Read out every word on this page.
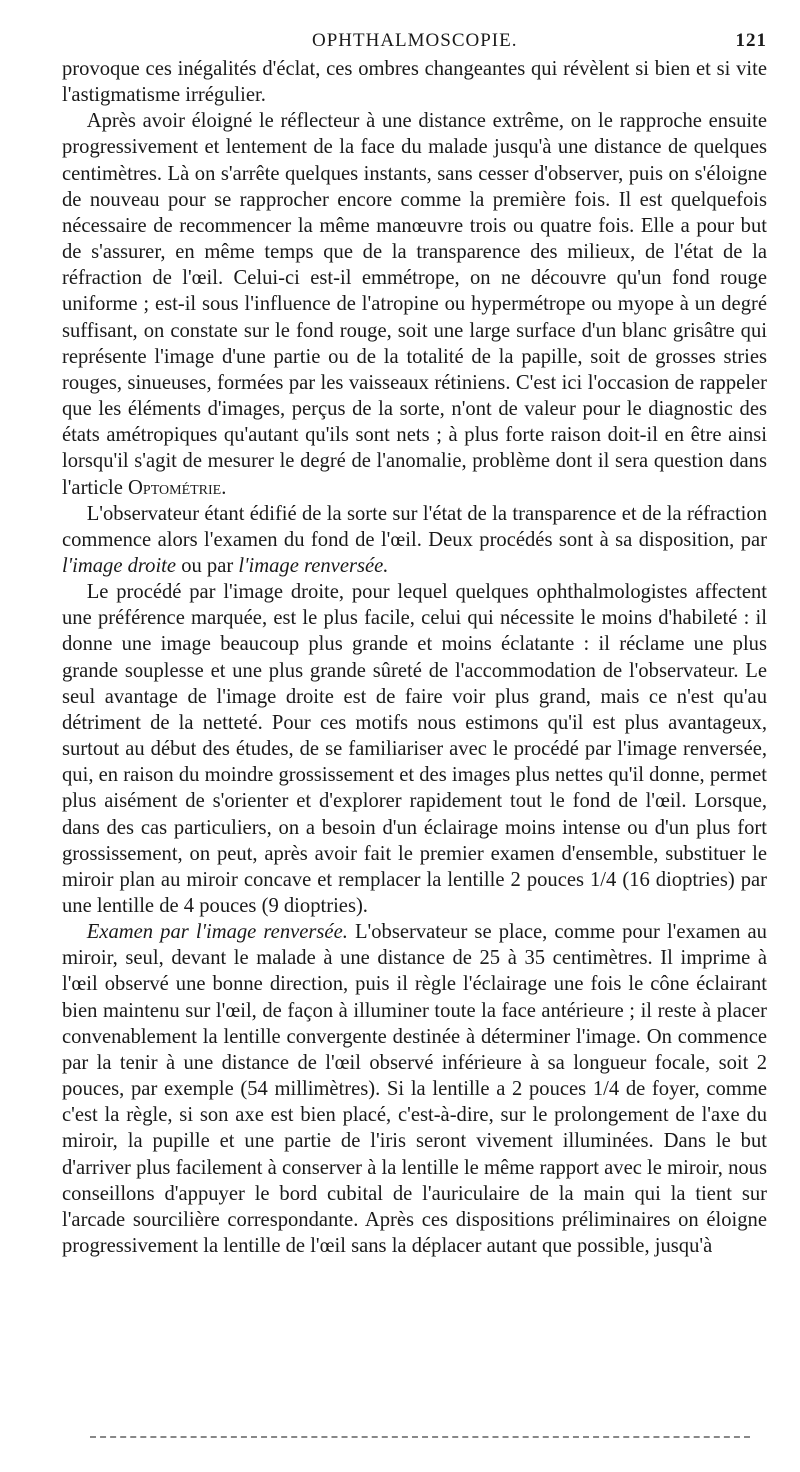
OPHTHALMOSCOPIE.	121

provoque ces inégalités d'éclat, ces ombres changeantes qui révèlent si bien et si vite l'astigmatisme irrégulier.

Après avoir éloigné le réflecteur à une distance extrême, on le rapproche ensuite progressivement et lentement de la face du malade jusqu'à une distance de quelques centimètres. Là on s'arrête quelques instants, sans cesser d'observer, puis on s'éloigne de nouveau pour se rapprocher encore comme la première fois. Il est quelquefois nécessaire de recommencer la même manœuvre trois ou quatre fois. Elle a pour but de s'assurer, en même temps que de la transparence des milieux, de l'état de la réfraction de l'œil. Celui-ci est-il emmétrope, on ne découvre qu'un fond rouge uniforme ; est-il sous l'influence de l'atropine ou hypermétrope ou myope à un degré suffisant, on constate sur le fond rouge, soit une large surface d'un blanc grisâtre qui représente l'image d'une partie ou de la totalité de la papille, soit de grosses stries rouges, sinueuses, formées par les vaisseaux rétiniens. C'est ici l'occasion de rappeler que les éléments d'images, perçus de la sorte, n'ont de valeur pour le diagnostic des états amétropiques qu'autant qu'ils sont nets ; à plus forte raison doit-il en être ainsi lorsqu'il s'agit de mesurer le degré de l'anomalie, problème dont il sera question dans l'article Optométrie.

L'observateur étant édifié de la sorte sur l'état de la transparence et de la réfraction commence alors l'examen du fond de l'œil. Deux procédés sont à sa disposition, par l'image droite ou par l'image renversée.

Le procédé par l'image droite, pour lequel quelques ophthalmologistes affectent une préférence marquée, est le plus facile, celui qui nécessite le moins d'habileté : il donne une image beaucoup plus grande et moins éclatante : il réclame une plus grande souplesse et une plus grande sûreté de l'accommodation de l'observateur. Le seul avantage de l'image droite est de faire voir plus grand, mais ce n'est qu'au détriment de la netteté. Pour ces motifs nous estimons qu'il est plus avantageux, surtout au début des études, de se familiariser avec le procédé par l'image renversée, qui, en raison du moindre grossissement et des images plus nettes qu'il donne, permet plus aisément de s'orienter et d'explorer rapidement tout le fond de l'œil. Lorsque, dans des cas particuliers, on a besoin d'un éclairage moins intense ou d'un plus fort grossissement, on peut, après avoir fait le premier examen d'ensemble, substituer le miroir plan au miroir concave et remplacer la lentille 2 pouces 1/4 (16 dioptries) par une lentille de 4 pouces (9 dioptries).

Examen par l'image renversée. L'observateur se place, comme pour l'examen au miroir, seul, devant le malade à une distance de 25 à 35 centimètres. Il imprime à l'œil observé une bonne direction, puis il règle l'éclairage une fois le cône éclairant bien maintenu sur l'œil, de façon à illuminer toute la face antérieure ; il reste à placer convenablement la lentille convergente destinée à déterminer l'image. On commence par la tenir à une distance de l'œil observé inférieure à sa longueur focale, soit 2 pouces, par exemple (54 millimètres). Si la lentille a 2 pouces 1/4 de foyer, comme c'est la règle, si son axe est bien placé, c'est-à-dire, sur le prolongement de l'axe du miroir, la pupille et une partie de l'iris seront vivement illuminées. Dans le but d'arriver plus facilement à conserver à la lentille le même rapport avec le miroir, nous conseillons d'appuyer le bord cubital de l'auriculaire de la main qui la tient sur l'arcade sourcilière correspondante. Après ces dispositions préliminaires on éloigne progressivement la lentille de l'œil sans la déplacer autant que possible, jusqu'à
